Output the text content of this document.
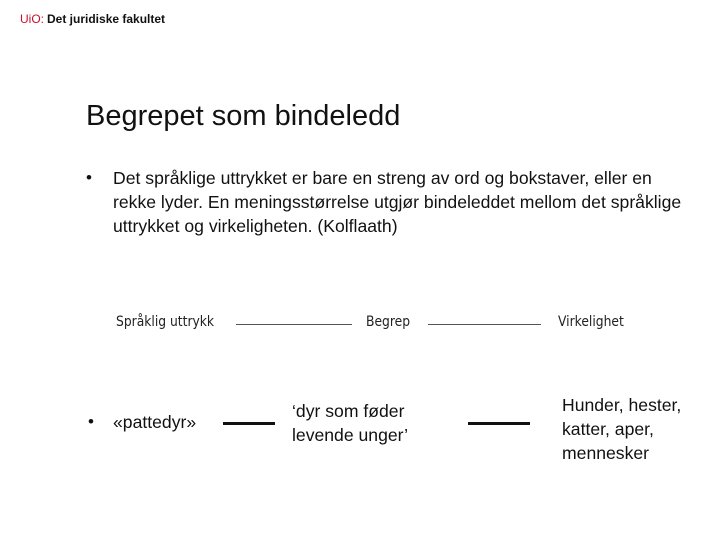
UiO: Det juridiske fakultet
Begrepet som bindeledd
• Det språklige uttrykket er bare en streng av ord og bokstaver, eller en rekke lyder. En meningsstørrelse utgjør bindeleddet mellom det språklige uttrykket og virkeligheten. (Kolflaath)
Språklig uttrykk	Begrep	Virkelighet
• «pattedyr»
‘dyr som føder
levende unger’
Hunder, hester,
katter, aper,
mennesker
